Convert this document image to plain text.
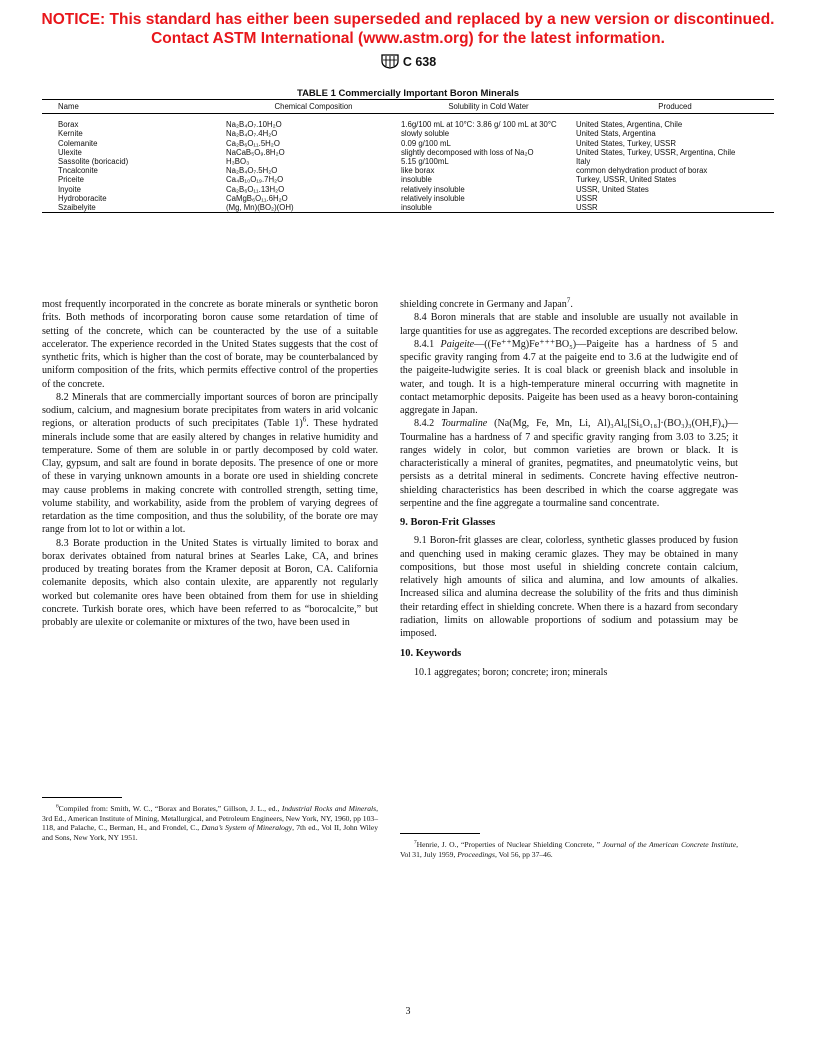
NOTICE: This standard has either been superseded and replaced by a new version or discontinued.
Contact ASTM International (www.astm.org) for the latest information.
C 638
TABLE 1 Commercially Important Boron Minerals
Name	Chemical Composition	Solubility in Cold Water	Produced
Borax	Na₂B₄O₇.10H₂O	1.6g/100 mL at 10°C: 3.86 g/ 100 mL at 30°C	United States, Argentina, Chile
Kernite	Na₂B₄O₇.4H₂O	slowly soluble	United Stats, Argentina
Colemanite	Ca₂B₆O₁₁.5H₂O	0.09 g/100 mL	United States, Turkey, USSR
Ulexite	NaCaB₅O₉.8H₂O	slightly decomposed with loss of Na₂O	United States, Turkey, USSR, Argentina, Chile
Sassolite (boricacid)	H₃BO₃	5.15 g/100mL	Italy
Tncalconite	Na₂B₄O₇.5H₂O	like borax	common dehydration product of borax
Priceite	Ca₄B₁₀O₁₉.7H₂O	insoluble	Turkey, USSR, United States
Inyoite	Ca₂B₆O₁₁.13H₂O	relatively insoluble	USSR, United States
Hydroboracite	CaMgB₆O₁₁.6H₂O	relatively insoluble	USSR
Szaibelyite	(Mg, Mn)(BO₂)(OH)	insoluble	USSR

most frequently incorporated in the concrete as borate minerals or synthetic boron frits. Both methods of incorporating boron cause some retardation of time of setting of the concrete, which can be counteracted by the use of a suitable accelerator. The experience recorded in the United States suggests that the cost of synthetic frits, which is higher than the cost of borate, may be counterbalanced by uniform composition of the frits, which permits effective control of the properties of the concrete.

8.2 Minerals that are commercially important sources of boron are principally sodium, calcium, and magnesium borate precipitates from waters in arid volcanic regions, or alteration products of such precipitates (Table 1)$^6$. These hydrated minerals include some that are easily altered by changes in relative humidity and temperature. Some of them are soluble in or partly decomposed by cold water. Clay, gypsum, and salt are found in borate deposits. The presence of one or more of these in varying unknown amounts in a borate ore used in shielding concrete may cause problems in making concrete with controlled strength, setting time, volume stability, and workability, aside from the problem of varying degrees of retardation as the time composition, and thus the solubility, of the borate ore may range from lot to lot or within a lot.

8.3 Borate production in the United States is virtually limited to borax and borax derivates obtained from natural brines at Searles Lake, CA, and brines produced by treating borates from the Kramer deposit at Boron, CA. California colemanite deposits, which also contain ulexite, are apparently not regularly worked but colemanite ores have been obtained from them for use in shielding concrete. Turkish borate ores, which have been referred to as “borocalcite,” but probably are ulexite or colemanite or mixtures of the two, have been used in

$^6$Compiled from: Smith, W. C., “Borax and Borates,” Gillson, J. L., ed., Industrial Rocks and Minerals, 3rd Ed., American Institute of Mining, Metallurgical, and Petroleum Engineers, New York, NY, 1960, pp 103–118, and Palache, C., Berman, H., and Frondel, C., Dana’s System of Mineralogy, 7th ed., Vol II, John Wiley and Sons, New York, NY 1951.

shielding concrete in Germany and Japan$^7$.

8.4 Boron minerals that are stable and insoluble are usually not available in large quantities for use as aggregates. The recorded exceptions are described below.

8.4.1 Paigeite—((Fe⁺⁺Mg)Fe⁺⁺⁺BO₅)—Paigeite has a hardness of 5 and specific gravity ranging from 4.7 at the paigeite end to 3.6 at the ludwigite end of the paigeite-ludwigite series. It is coal black or greenish black and insoluble in water, and tough. It is a high-temperature mineral occurring with magnetite in contact metamorphic deposits. Paigeite has been used as a heavy boron-containing aggregate in Japan.

8.4.2 Tourmaline (Na(Mg, Fe, Mn, Li, Al)₃Al₆[Si₆O₁₈]·(BO₃)₃(OH,F)₄)—Tourmaline has a hardness of 7 and specific gravity ranging from 3.03 to 3.25; it ranges widely in color, but common varieties are brown or black. It is characteristically a mineral of granites, pegmatites, and pneumatolytic veins, but persists as a detrital mineral in sediments. Concrete having effective neutron-shielding characteristics has been described in which the coarse aggregate was serpentine and the fine aggregate a tourmaline sand concentrate.

9. Boron-Frit Glasses

9.1 Boron-frit glasses are clear, colorless, synthetic glasses produced by fusion and quenching used in making ceramic glazes. They may be obtained in many compositions, but those most useful in shielding concrete contain calcium, relatively high amounts of silica and alumina, and low amounts of alkalies. Increased silica and alumina decrease the solubility of the frits and thus diminish their retarding effect in shielding concrete. When there is a hazard from secondary radiation, limits on allowable proportions of sodium and potassium may be imposed.

10. Keywords

10.1 aggregates; boron; concrete; iron; minerals

$^7$Henrie, J. O., “Properties of Nuclear Shielding Concrete, ” Journal of the American Concrete Institute, Vol 31, July 1959, Proceedings, Vol 56, pp 37–46.

3
